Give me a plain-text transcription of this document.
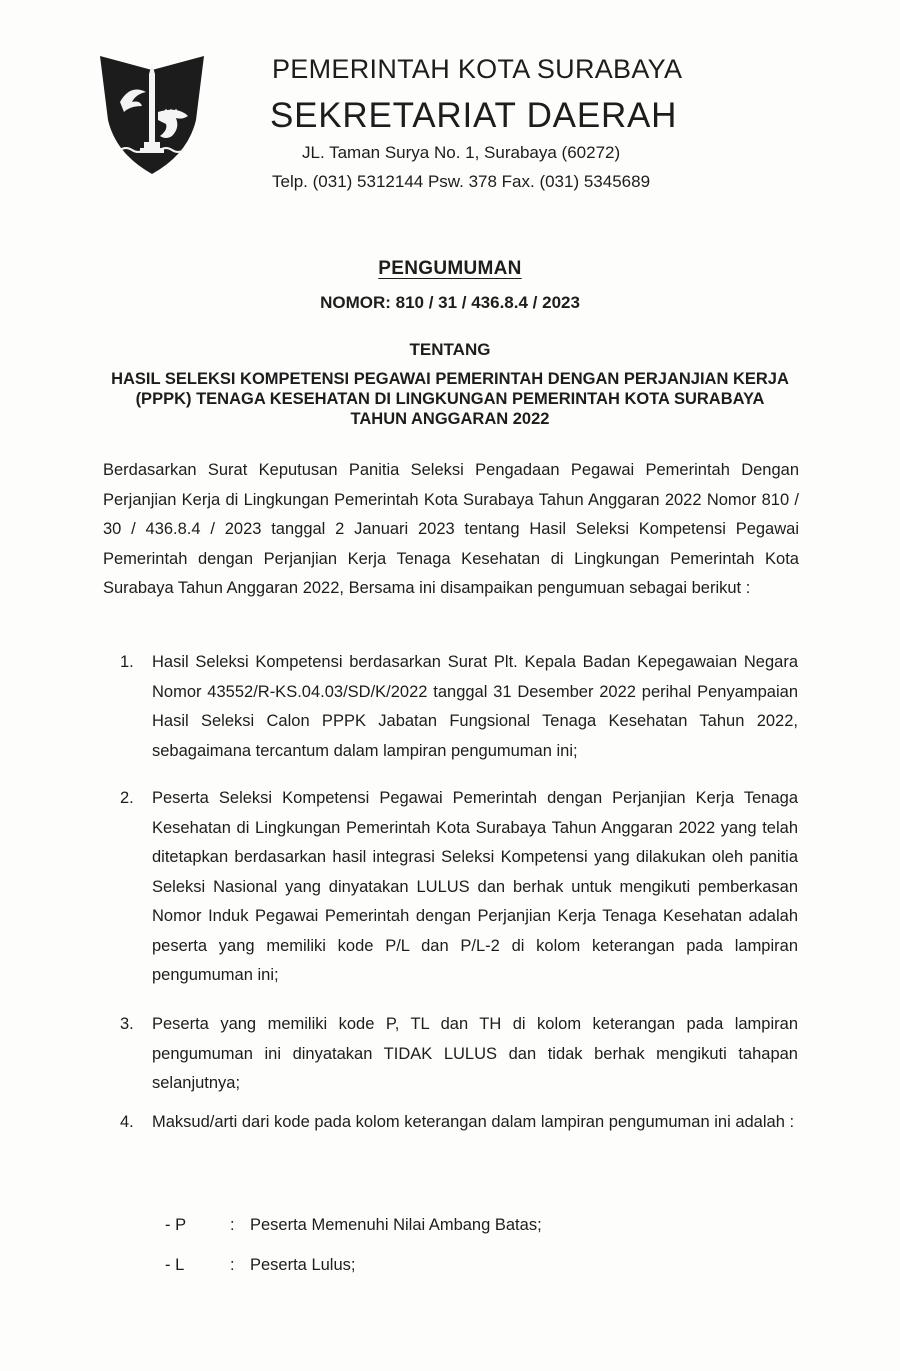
PEMERINTAH KOTA SURABAYA
SEKRETARIAT DAERAH
JL. Taman Surya No. 1, Surabaya (60272)
Telp. (031) 5312144 Psw. 378 Fax. (031) 5345689
PENGUMUMAN
NOMOR: 810 / 31 / 436.8.4 / 2023
TENTANG
HASIL SELEKSI KOMPETENSI PEGAWAI PEMERINTAH DENGAN PERJANJIAN KERJA (PPPK) TENAGA KESEHATAN DI LINGKUNGAN PEMERINTAH KOTA SURABAYA TAHUN ANGGARAN 2022
Berdasarkan Surat Keputusan Panitia Seleksi Pengadaan Pegawai Pemerintah Dengan Perjanjian Kerja di Lingkungan Pemerintah Kota Surabaya Tahun Anggaran 2022 Nomor 810 / 30 / 436.8.4 / 2023 tanggal 2 Januari 2023 tentang Hasil Seleksi Kompetensi Pegawai Pemerintah dengan Perjanjian Kerja Tenaga Kesehatan di Lingkungan Pemerintah Kota Surabaya Tahun Anggaran 2022, Bersama ini disampaikan pengumuan sebagai berikut :
1.	Hasil Seleksi Kompetensi berdasarkan Surat Plt. Kepala Badan Kepegawaian Negara Nomor 43552/R-KS.04.03/SD/K/2022 tanggal 31 Desember 2022 perihal Penyampaian Hasil Seleksi Calon PPPK Jabatan Fungsional Tenaga Kesehatan Tahun 2022, sebagaimana tercantum dalam lampiran pengumuman ini;
2.	Peserta Seleksi Kompetensi Pegawai Pemerintah dengan Perjanjian Kerja Tenaga Kesehatan di Lingkungan Pemerintah Kota Surabaya Tahun Anggaran 2022 yang telah ditetapkan berdasarkan hasil integrasi Seleksi Kompetensi yang dilakukan oleh panitia Seleksi Nasional yang dinyatakan LULUS dan berhak untuk mengikuti pemberkasan Nomor Induk Pegawai Pemerintah dengan Perjanjian Kerja Tenaga Kesehatan adalah peserta yang memiliki kode P/L dan P/L-2 di kolom keterangan pada lampiran pengumuman ini;
3.	Peserta yang memiliki kode P, TL dan TH di kolom keterangan pada lampiran pengumuman ini dinyatakan TIDAK LULUS dan tidak berhak mengikuti tahapan selanjutnya;
4.	Maksud/arti dari kode pada kolom keterangan dalam lampiran pengumuman ini adalah :
- P	: Peserta Memenuhi Nilai Ambang Batas;
- L	: Peserta Lulus;
